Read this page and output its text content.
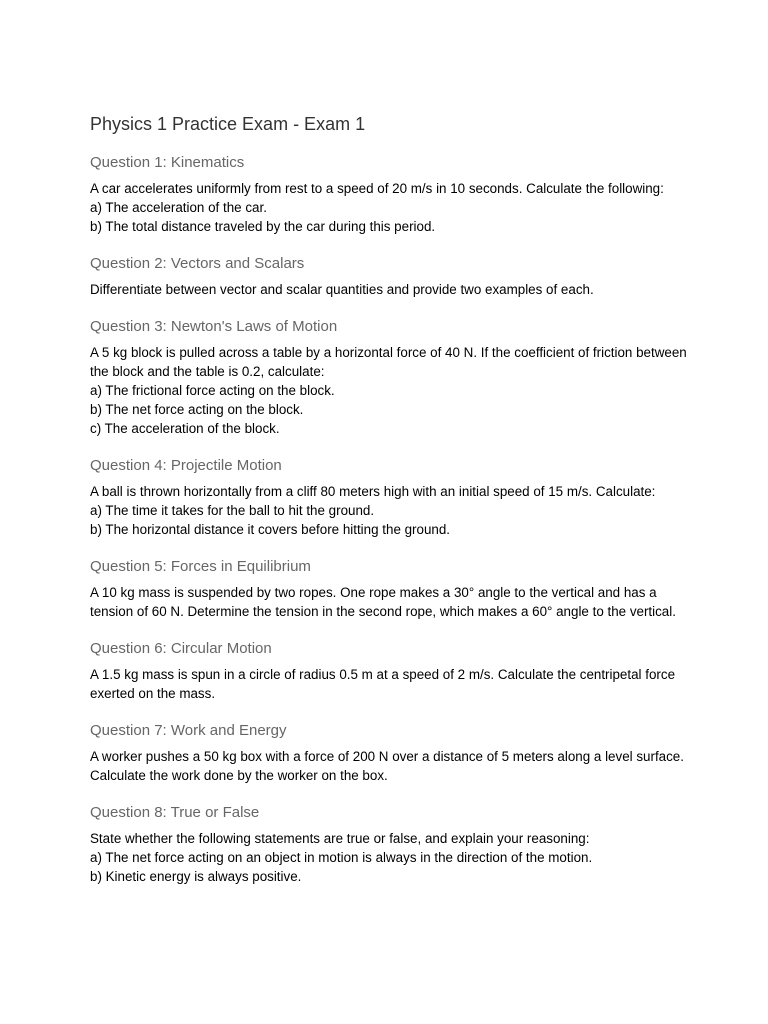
Physics 1 Practice Exam - Exam 1
Question 1: Kinematics
A car accelerates uniformly from rest to a speed of 20 m/s in 10 seconds. Calculate the following:
a) The acceleration of the car.
b) The total distance traveled by the car during this period.
Question 2: Vectors and Scalars
Differentiate between vector and scalar quantities and provide two examples of each.
Question 3: Newton's Laws of Motion
A 5 kg block is pulled across a table by a horizontal force of 40 N. If the coefficient of friction between the block and the table is 0.2, calculate:
a) The frictional force acting on the block.
b) The net force acting on the block.
c) The acceleration of the block.
Question 4: Projectile Motion
A ball is thrown horizontally from a cliff 80 meters high with an initial speed of 15 m/s. Calculate:
a) The time it takes for the ball to hit the ground.
b) The horizontal distance it covers before hitting the ground.
Question 5: Forces in Equilibrium
A 10 kg mass is suspended by two ropes. One rope makes a 30° angle to the vertical and has a tension of 60 N. Determine the tension in the second rope, which makes a 60° angle to the vertical.
Question 6: Circular Motion
A 1.5 kg mass is spun in a circle of radius 0.5 m at a speed of 2 m/s. Calculate the centripetal force exerted on the mass.
Question 7: Work and Energy
A worker pushes a 50 kg box with a force of 200 N over a distance of 5 meters along a level surface. Calculate the work done by the worker on the box.
Question 8: True or False
State whether the following statements are true or false, and explain your reasoning:
a) The net force acting on an object in motion is always in the direction of the motion.
b) Kinetic energy is always positive.
